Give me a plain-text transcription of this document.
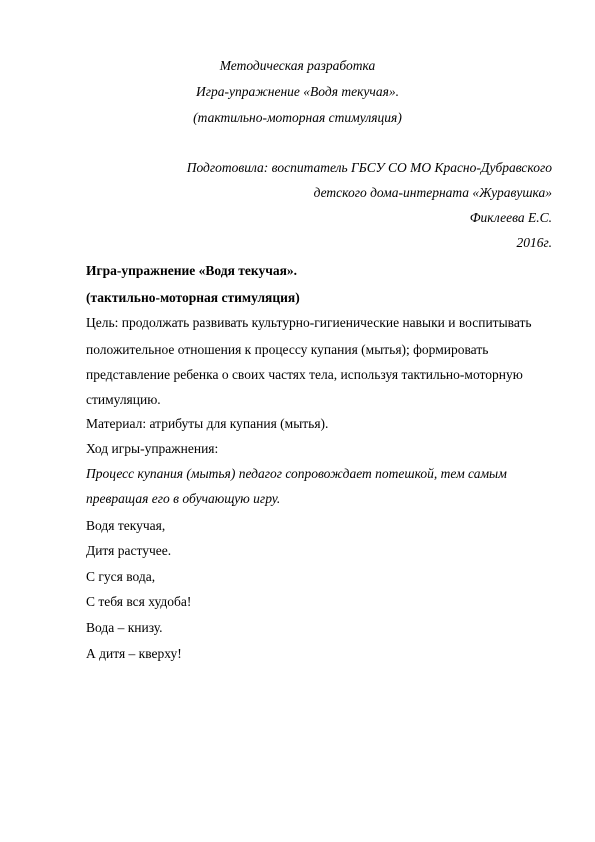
Методическая разработка
Игра-упражнение «Водя текучая».
(тактильно-моторная стимуляция)
Подготовила: воспитатель ГБСУ СО МО Красно-Дубравского
детского дома-интерната «Журавушка»
Фиклеева Е.С.
2016г.
Игра-упражнение «Водя текучая».
(тактильно-моторная стимуляция)
Цель: продолжать развивать культурно-гигиенические навыки и воспитывать
положительное отношения к процессу купания (мытья); формировать
представление ребенка о своих частях тела, используя тактильно-моторную
стимуляцию.
Материал: атрибуты для купания (мытья).
Ход игры-упражнения:
Процесс купания (мытья) педагог сопровождает потешкой, тем самым
превращая его в обучающую игру.
Водя текучая,
Дитя растучее.
С гуся вода,
С тебя вся худоба!
Вода – книзу.
А дитя – кверху!
